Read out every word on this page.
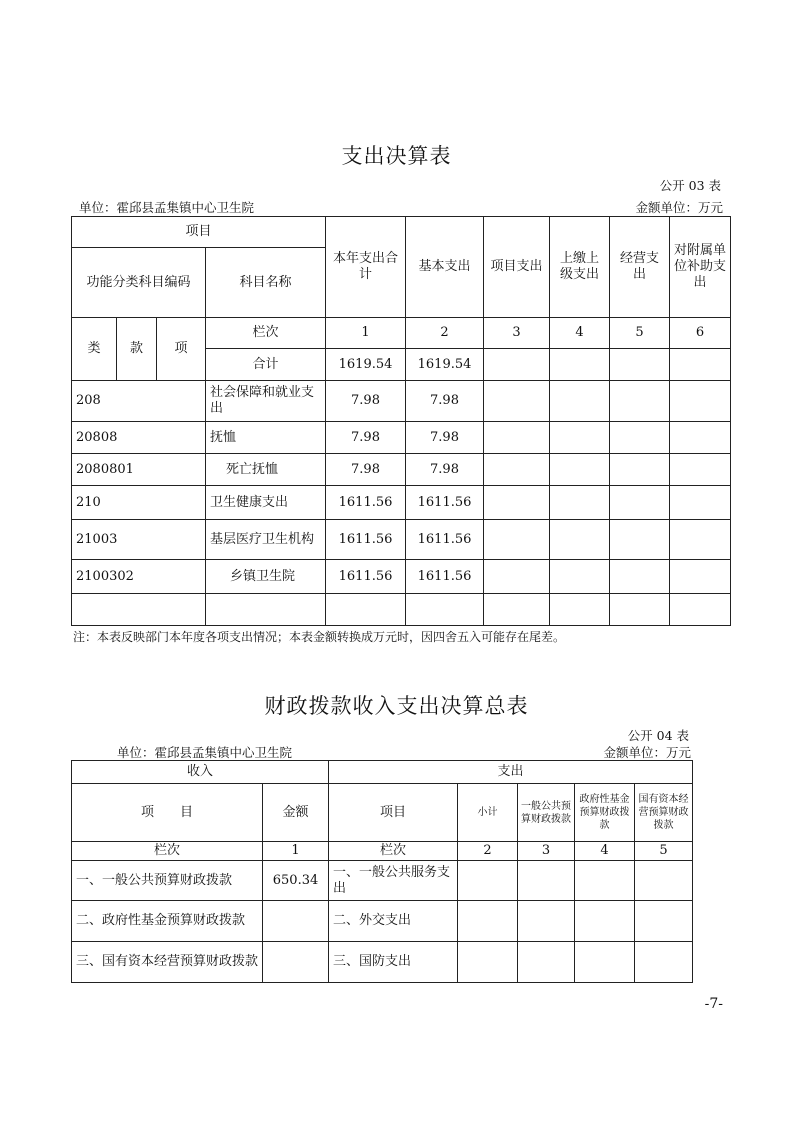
支出决算表
公开 03 表
单位：霍邱县孟集镇中心卫生院	金额单位：万元
项目				本年支出合计	基本支出	项目支出	上缴上级支出	经营支出	对附属单位补助支出
功能分类科目编码			科目名称						
类	款	项	栏次	1	2	3	4	5	6
			合计	1619.54	1619.54				
208			社会保障和就业支出	7.98	7.98				
20808			抚恤	7.98	7.98				
2080801			死亡抚恤	7.98	7.98				
210			卫生健康支出	1611.56	1611.56				
21003			基层医疗卫生机构	1611.56	1611.56				
2100302			乡镇卫生院	1611.56	1611.56				

注：本表反映部门本年度各项支出情况；本表金额转换成万元时，因四舍五入可能存在尾差。
财政拨款收入支出决算总表
公开 04 表
单位：霍邱县孟集镇中心卫生院	金额单位：万元
收入		支出				
项　　目	金额	项目	小计	一般公共预算财政拨款	政府性基金预算财政拨款	国有资本经营预算财政拨款
栏次	1	栏次	2	3	4	5
一、一般公共预算财政拨款	650.34	一、一般公共服务支出				
二、政府性基金预算财政拨款		二、外交支出				
三、国有资本经营预算财政拨款		三、国防支出				
-7-
